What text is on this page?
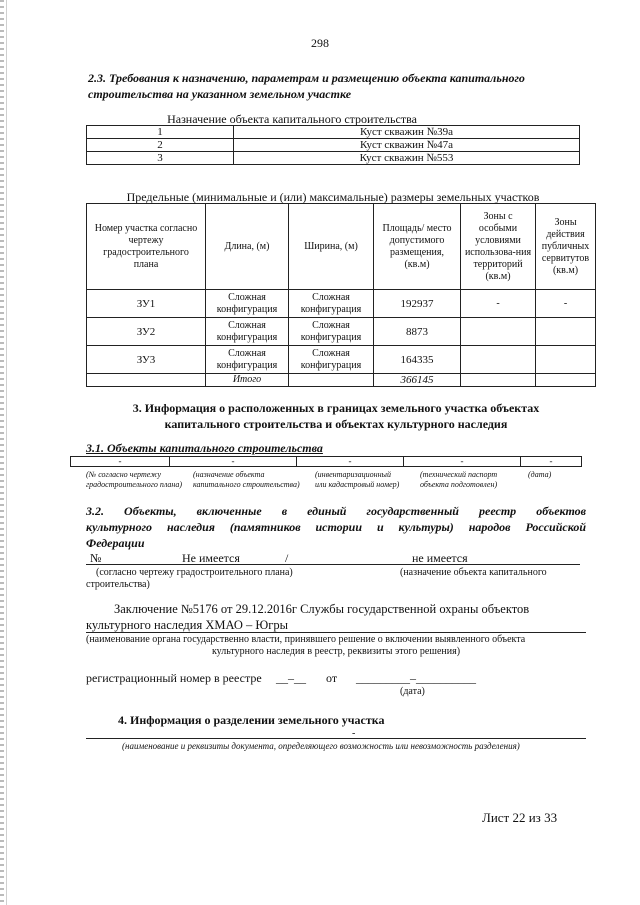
298
2.3. Требования к назначению, параметрам и размещению объекта капитального
строительства на указанном земельном участке
Назначение объекта капитального строительства
1	Куст скважин №39а
2	Куст скважин №47а
3	Куст скважин №553
Предельные (минимальные и (или) максимальные) размеры земельных участков
Номер участка согласно чертежу градостроительного плана	Длина, (м)	Ширина, (м)	Площадь/ место допустимого размещения, (кв.м)	Зоны с особыми условиями использова-ния территорий (кв.м)	Зоны действия публичных сервитутов (кв.м)
ЗУ1	Сложная конфигурация	Сложная конфигурация	192937	-	-
ЗУ2	Сложная конфигурация	Сложная конфигурация	8873		
ЗУ3	Сложная конфигурация	Сложная конфигурация	164335		
	Итого		366145		
3. Информация о расположенных в границах земельного участка объектах
капитального строительства и объектах культурного наследия
3.1. Объекты капитального строительства
-	-	-	-	-
(№ согласно чертежу
градостроительного плана)
(назначение объекта
капитального строительства)
(инвентаризационный
или кадастровый номер)
(технический паспорт
объекта подготовлен)
(дата)
3.2. Объекты, включенные в единый государственный реестр объектов
культурного наследия (памятников истории и культуры) народов Российской
Федерации
№	Не имеется	/	не имеется
(согласно чертежу градостроительного плана)	(назначение объекта капитального
строительства)
Заключение №5176 от 29.12.2016г Службы государственной охраны объектов
культурного наследия ХМАО – Югры
(наименование органа государственно власти, принявшего решение о включении выявленного объекта
культурного наследия в реестр, реквизиты этого решения)
регистрационный номер в реестре __–__ от _________–__________
(дата)
4. Информация о разделении земельного участка
-
(наименование и реквизиты документа, определяющего возможность или невозможность разделения)
Лист 22 из 33
